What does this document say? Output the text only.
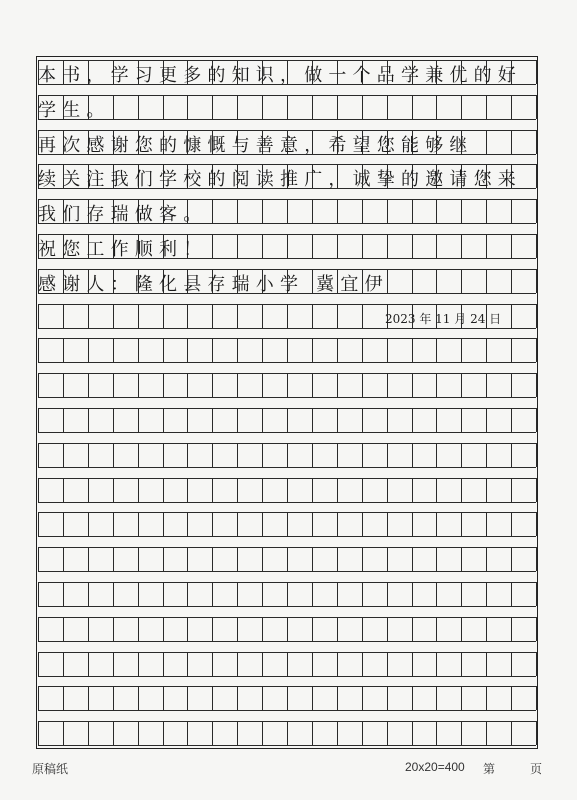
本书，学习更多的知识，做一个品学兼优的好
学生。
再次感谢您的慷慨与善意，希望您能够继
续关注我们学校的阅读推广，诚挚的邀请您来
我们存瑞做客。
祝您工作顺利！
感谢人：隆化县存瑞小学 冀宜伊
2023 年 11 月 24 日
原稿纸	20x20=400 第	页
